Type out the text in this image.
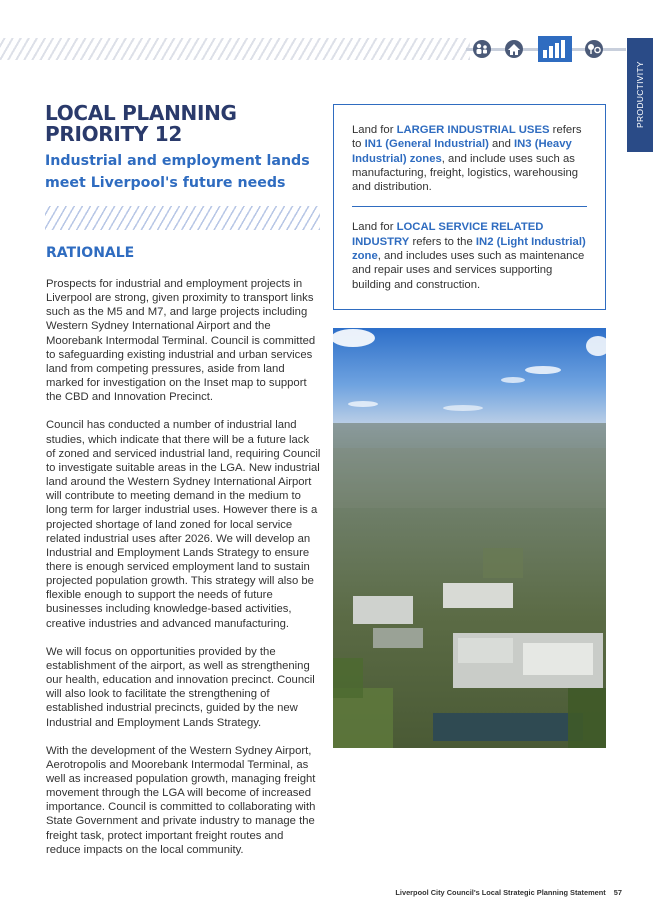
PRODUCTIVITY
LOCAL PLANNING
PRIORITY 12
Industrial and employment lands meet Liverpool's future needs
RATIONALE

Prospects for industrial and employment projects in Liverpool are strong, given proximity to transport links such as the M5 and M7, and large projects including Western Sydney International Airport and the Moorebank Intermodal Terminal. Council is committed to safeguarding existing industrial and urban services land from competing pressures, aside from land marked for investigation on the Inset map to support the CBD and Innovation Precinct.

Council has conducted a number of industrial land studies, which indicate that there will be a future lack of zoned and serviced industrial land, requiring Council to investigate suitable areas in the LGA. New industrial land around the Western Sydney International Airport will contribute to meeting demand in the medium to long term for larger industrial uses. However there is a projected shortage of land zoned for local service related industrial uses after 2026. We will develop an Industrial and Employment Lands Strategy to ensure there is enough serviced employment land to sustain projected population growth. This strategy will also be flexible enough to support the needs of future businesses including knowledge-based activities, creative industries and advanced manufacturing.

We will focus on opportunities provided by the establishment of the airport, as well as strengthening our health, education and innovation precinct. Council will also look to facilitate the strengthening of established industrial precincts, guided by the new Industrial and Employment Lands Strategy.

With the development of the Western Sydney Airport, Aerotropolis and Moorebank Intermodal Terminal, as well as increased population growth, managing freight movement through the LGA will become of increased importance. Council is committed to collaborating with State Government and private industry to manage the freight task, protect important freight routes and reduce impacts on the local community.

Land for LARGER INDUSTRIAL USES refers to IN1 (General Industrial) and IN3 (Heavy Industrial) zones, and include uses such as manufacturing, freight, logistics, warehousing and distribution.

Land for LOCAL SERVICE RELATED INDUSTRY refers to the IN2 (Light Industrial) zone, and includes uses such as maintenance and repair uses and services supporting building and construction.

Liverpool City Council's Local Strategic Planning Statement 57
